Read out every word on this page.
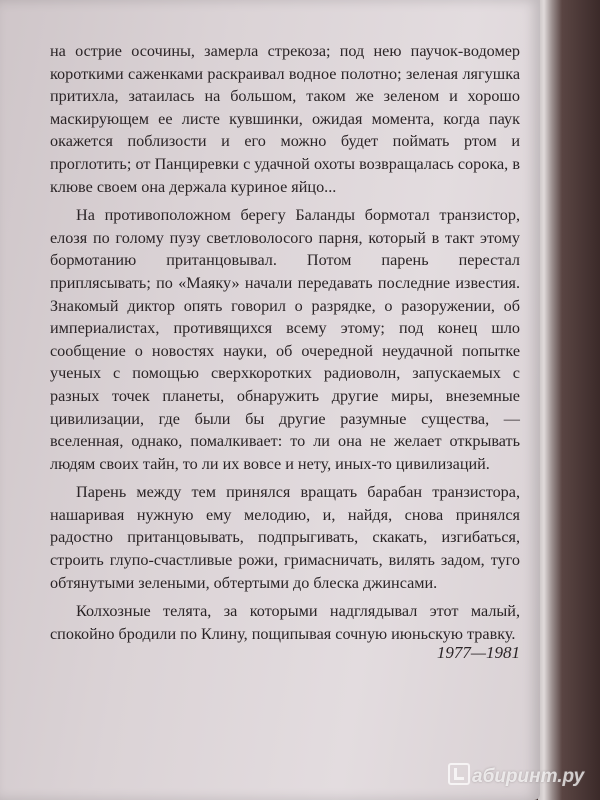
на острие осочины, замерла стрекоза; под нею паучок-водомер короткими саженками раскраивал водное полотно; зеленая лягушка притихла, затаилась на большом, таком же зеленом и хорошо маскирующем ее листе кувшинки, ожидая момента, когда паук окажется поблизости и его можно будет поймать ртом и проглотить; от Панциревки с удачной охоты возвращалась сорока, в клюве своем она держала куриное яйцо...

На противоположном берегу Баланды бормотал транзистор, елозя по голому пузу светловолосого парня, который в такт этому бормотанию пританцовывал. Потом парень перестал приплясывать; по «Маяку» начали передавать последние известия. Знакомый диктор опять говорил о разрядке, о разоружении, об империалистах, противящихся всему этому; под конец шло сообщение о новостях науки, об очередной неудачной попытке ученых с помощью сверхкоротких радиоволн, запускаемых с разных точек планеты, обнаружить другие миры, внеземные цивилизации, где были бы другие разумные существа, — вселенная, однако, помалкивает: то ли она не желает открывать людям своих тайн, то ли их вовсе и нету, иных-то цивилизаций.

Парень между тем принялся вращать барабан транзистора, нашаривая нужную ему мелодию, и, найдя, снова принялся радостно пританцовывать, подпрыгивать, скакать, изгибаться, строить глупо-счастливые рожи, гримасничать, вилять задом, туго обтянутыми зелеными, обтертыми до блеска джинсами.

Колхозные телята, за которыми надглядывал этот малый, спокойно бродили по Клину, пощипывая сочную июньскую травку.

1977—1981
абиринт.ру
